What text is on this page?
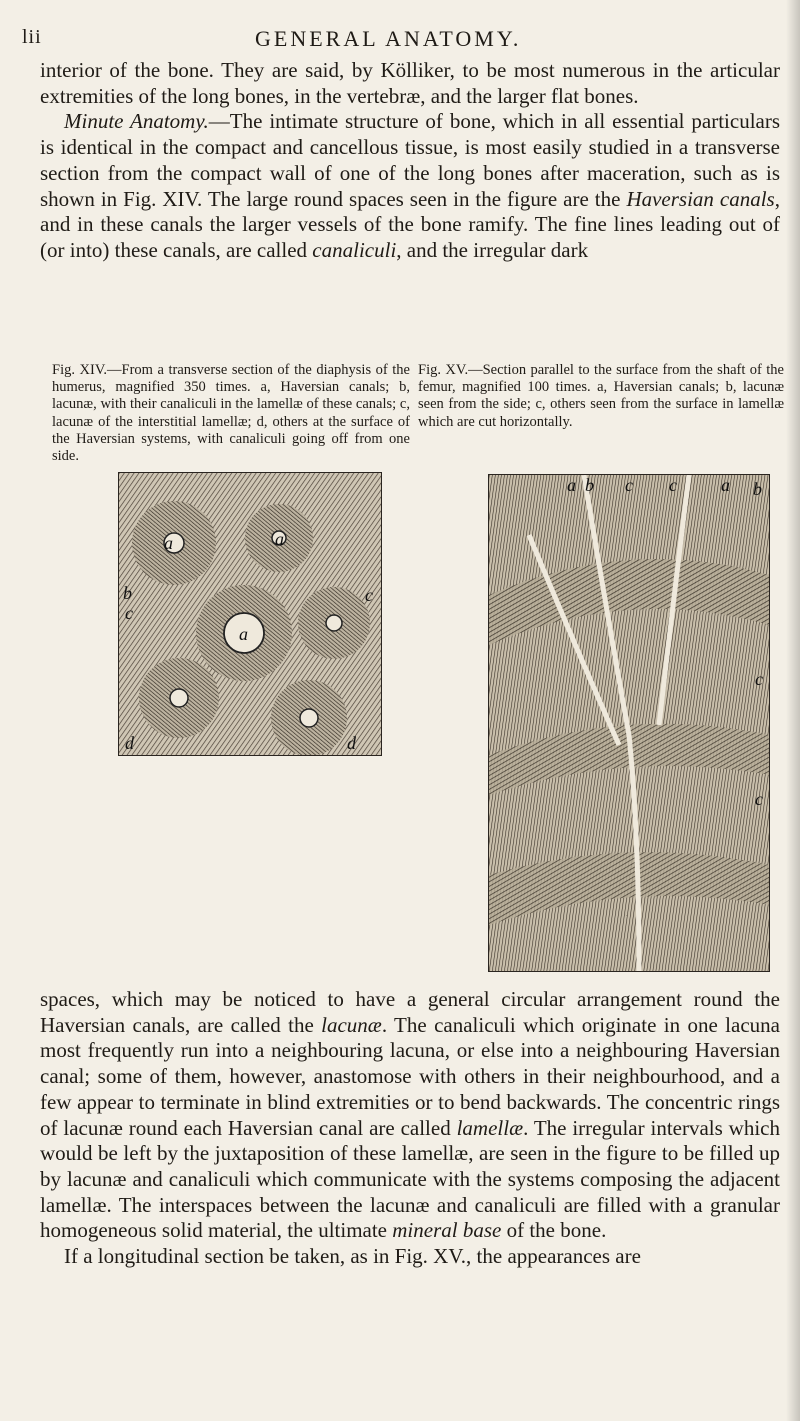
lii	GENERAL ANATOMY.

interior of the bone. They are said, by Kölliker, to be most numerous in the articular extremities of the long bones, in the vertebræ, and the larger flat bones.

Minute Anatomy.—The intimate structure of bone, which in all essential particulars is identical in the compact and cancellous tissue, is most easily studied in a transverse section from the compact wall of one of the long bones after maceration, such as is shown in Fig. XIV. The large round spaces seen in the figure are the Haversian canals, and in these canals the larger vessels of the bone ramify. The fine lines leading out of (or into) these canals, are called canaliculi, and the irregular dark

Fig. XIV.—From a transverse section of the diaphysis of the humerus, magnified 350 times. a, Haversian canals; b, lacunæ, with their canaliculi in the lamellæ of these canals; c, lacunæ of the interstitial lamellæ; d, others at the surface of the Haversian systems, with canaliculi going off from one side.
Fig. XV.—Section parallel to the surface from the shaft of the femur, magnified 100 times. a, Haversian canals; b, lacunæ seen from the side; c, others seen from the surface in lamellæ which are cut horizontally.
a	a
a
b
c
c
d	d
a b c c a b
c
c

spaces, which may be noticed to have a general circular arrangement round the Haversian canals, are called the lacunæ. The canaliculi which originate in one lacuna most frequently run into a neighbouring lacuna, or else into a neighbouring Haversian canal; some of them, however, anastomose with others in their neighbourhood, and a few appear to terminate in blind extremities or to bend backwards. The concentric rings of lacunæ round each Haversian canal are called lamellæ. The irregular intervals which would be left by the juxtaposition of these lamellæ, are seen in the figure to be filled up by lacunæ and canaliculi which communicate with the systems composing the adjacent lamellæ. The interspaces between the lacunæ and canaliculi are filled with a granular homogeneous solid material, the ultimate mineral base of the bone.

If a longitudinal section be taken, as in Fig. XV., the appearances are
